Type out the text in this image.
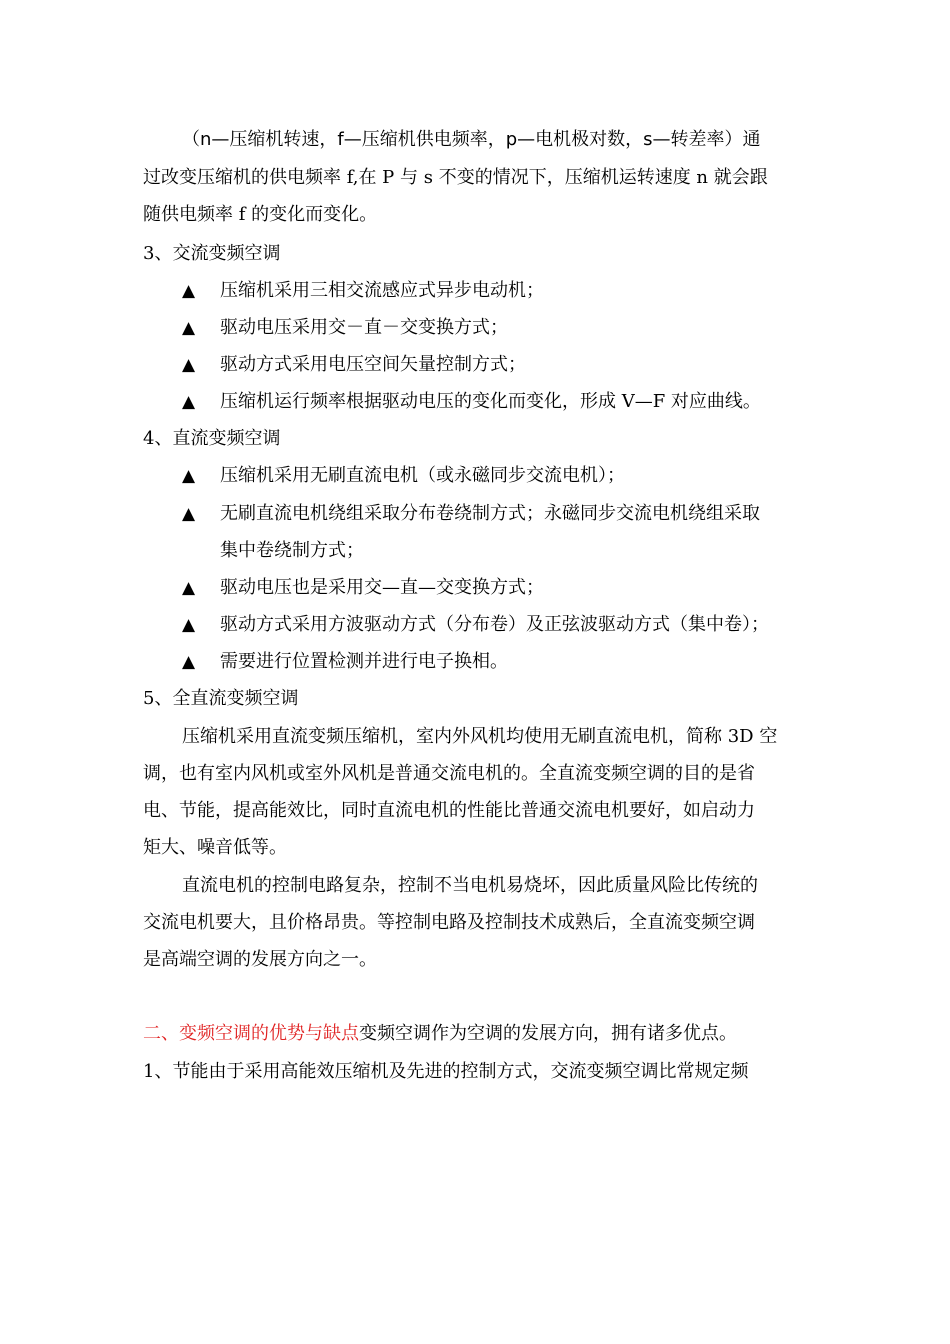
（n—压缩机转速，f—压缩机供电频率，p—电机极对数，s—转差率）通
过改变压缩机的供电频率 f,在 P 与 s 不变的情况下，压缩机运转速度 n 就会跟
随供电频率 f 的变化而变化。
3、交流变频空调
▲	压缩机采用三相交流感应式异步电动机；
▲	驱动电压采用交－直－交变换方式；
▲	驱动方式采用电压空间矢量控制方式；
▲	压缩机运行频率根据驱动电压的变化而变化，形成 V—F 对应曲线。
4、直流变频空调
▲	压缩机采用无刷直流电机（或永磁同步交流电机）；
▲	无刷直流电机绕组采取分布卷绕制方式；永磁同步交流电机绕组采取
集中卷绕制方式；
▲	驱动电压也是采用交—直—交变换方式；
▲	驱动方式采用方波驱动方式（分布卷）及正弦波驱动方式（集中卷）；
▲	需要进行位置检测并进行电子换相。
5、全直流变频空调
压缩机采用直流变频压缩机，室内外风机均使用无刷直流电机，简称 3D 空
调，也有室内风机或室外风机是普通交流电机的。全直流变频空调的目的是省
电、节能，提高能效比，同时直流电机的性能比普通交流电机要好，如启动力
矩大、噪音低等。
直流电机的控制电路复杂，控制不当电机易烧坏，因此质量风险比传统的
交流电机要大，且价格昂贵。等控制电路及控制技术成熟后，全直流变频空调
是高端空调的发展方向之一。
二、变频空调的优势与缺点变频空调作为空调的发展方向，拥有诸多优点。
1、节能由于采用高能效压缩机及先进的控制方式，交流变频空调比常规定频
